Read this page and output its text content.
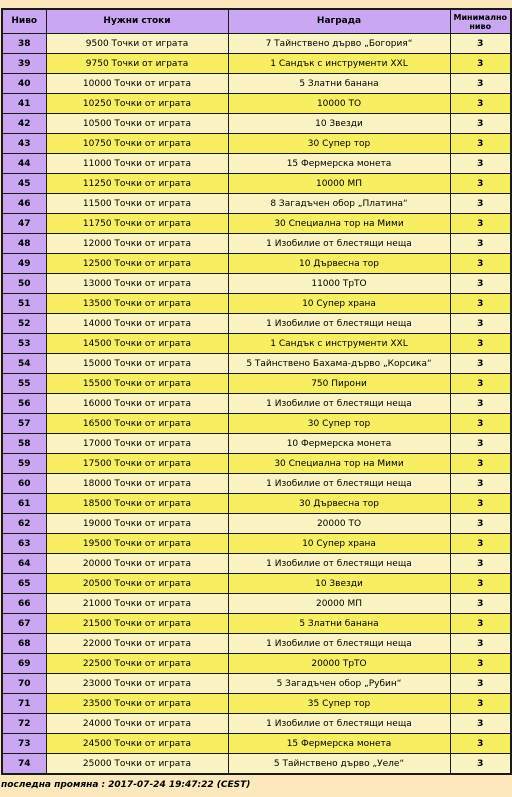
Ниво	Нужни стоки	Награда	Минимално ниво
38	9500 Точки от играта	7 Тайнствено дърво „Богория“	3
39	9750 Точки от играта	1 Сандък с инструменти XXL	3
40	10000 Точки от играта	5 Златни банана	3
41	10250 Точки от играта	10000 ТО	3
42	10500 Точки от играта	10 Звезди	3
43	10750 Точки от играта	30 Супер тор	3
44	11000 Точки от играта	15 Фермерска монета	3
45	11250 Точки от играта	10000 МП	3
46	11500 Точки от играта	8 Загадъчен обор „Платина“	3
47	11750 Точки от играта	30 Специална тор на Мими	3
48	12000 Точки от играта	1 Изобилие от блестящи неща	3
49	12500 Точки от играта	10 Дървесна тор	3
50	13000 Точки от играта	11000 ТрТО	3
51	13500 Точки от играта	10 Супер храна	3
52	14000 Точки от играта	1 Изобилие от блестящи неща	3
53	14500 Точки от играта	1 Сандък с инструменти XXL	3
54	15000 Точки от играта	5 Тайнствено Бахама-дърво „Корсика“	3
55	15500 Точки от играта	750 Пирони	3
56	16000 Точки от играта	1 Изобилие от блестящи неща	3
57	16500 Точки от играта	30 Супер тор	3
58	17000 Точки от играта	10 Фермерска монета	3
59	17500 Точки от играта	30 Специална тор на Мими	3
60	18000 Точки от играта	1 Изобилие от блестящи неща	3
61	18500 Точки от играта	30 Дървесна тор	3
62	19000 Точки от играта	20000 ТО	3
63	19500 Точки от играта	10 Супер храна	3
64	20000 Точки от играта	1 Изобилие от блестящи неща	3
65	20500 Точки от играта	10 Звезди	3
66	21000 Точки от играта	20000 МП	3
67	21500 Точки от играта	5 Златни банана	3
68	22000 Точки от играта	1 Изобилие от блестящи неща	3
69	22500 Точки от играта	20000 ТрТО	3
70	23000 Точки от играта	5 Загадъчен обор „Рубин“	3
71	23500 Точки от играта	35 Супер тор	3
72	24000 Точки от играта	1 Изобилие от блестящи неща	3
73	24500 Точки от играта	15 Фермерска монета	3
74	25000 Точки от играта	5 Тайнствено дърво „Уеле“	3
последна промяна : 2017-07-24 19:47:22 (CEST)
